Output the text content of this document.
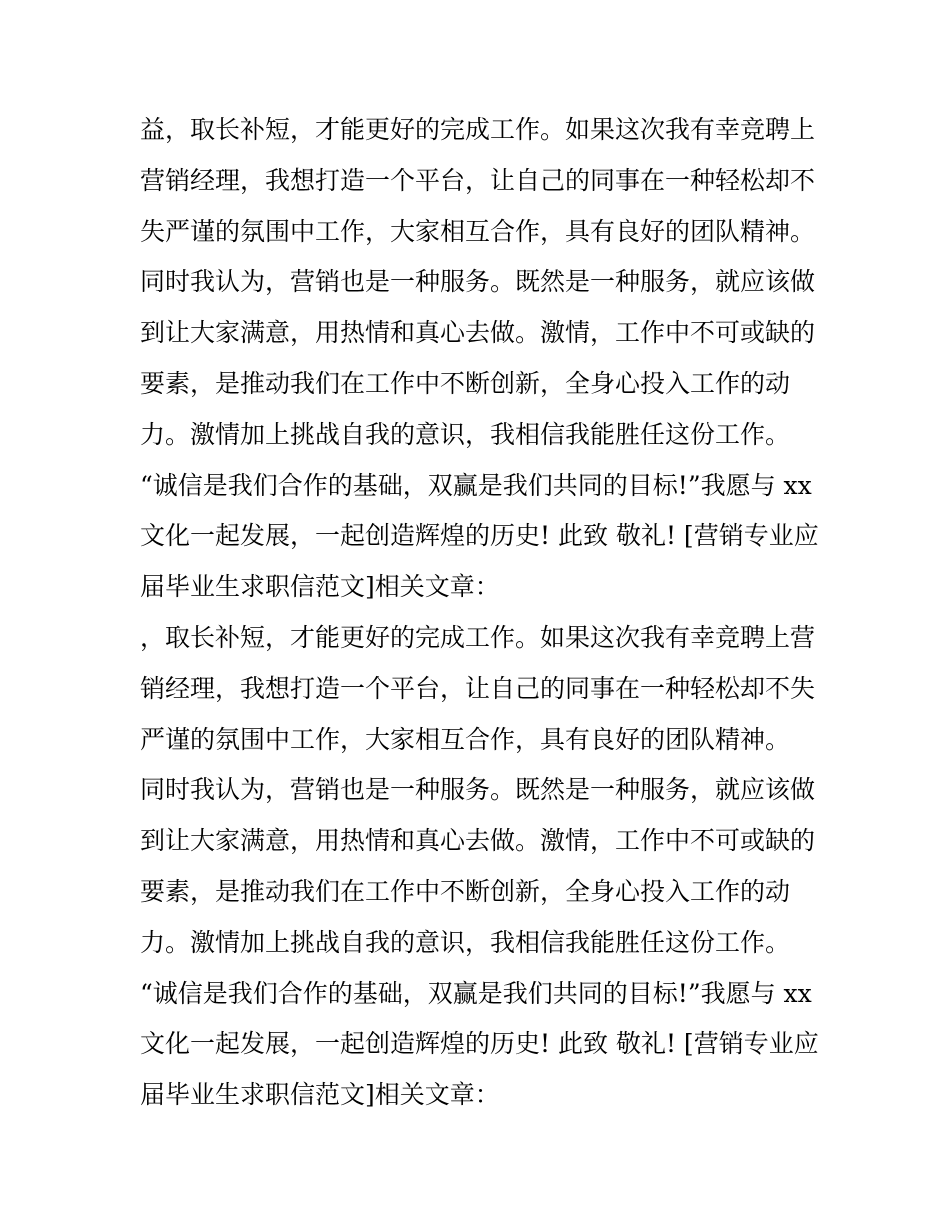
益，取长补短，才能更好的完成工作。如果这次我有幸竞聘上
营销经理，我想打造一个平台，让自己的同事在一种轻松却不
失严谨的氛围中工作，大家相互合作，具有良好的团队精神。
同时我认为，营销也是一种服务。既然是一种服务，就应该做
到让大家满意，用热情和真心去做。激情，工作中不可或缺的
要素，是推动我们在工作中不断创新，全身心投入工作的动
力。激情加上挑战自我的意识，我相信我能胜任这份工作。
“诚信是我们合作的基础，双赢是我们共同的目标!”我愿与 xx
文化一起发展，一起创造辉煌的历史! 此致 敬礼! [营销专业应
届毕业生求职信范文]相关文章：
，取长补短，才能更好的完成工作。如果这次我有幸竞聘上营
销经理，我想打造一个平台，让自己的同事在一种轻松却不失
严谨的氛围中工作，大家相互合作，具有良好的团队精神。
同时我认为，营销也是一种服务。既然是一种服务，就应该做
到让大家满意，用热情和真心去做。激情，工作中不可或缺的
要素，是推动我们在工作中不断创新，全身心投入工作的动
力。激情加上挑战自我的意识，我相信我能胜任这份工作。
“诚信是我们合作的基础，双赢是我们共同的目标!”我愿与 xx
文化一起发展，一起创造辉煌的历史! 此致 敬礼! [营销专业应
届毕业生求职信范文]相关文章：
